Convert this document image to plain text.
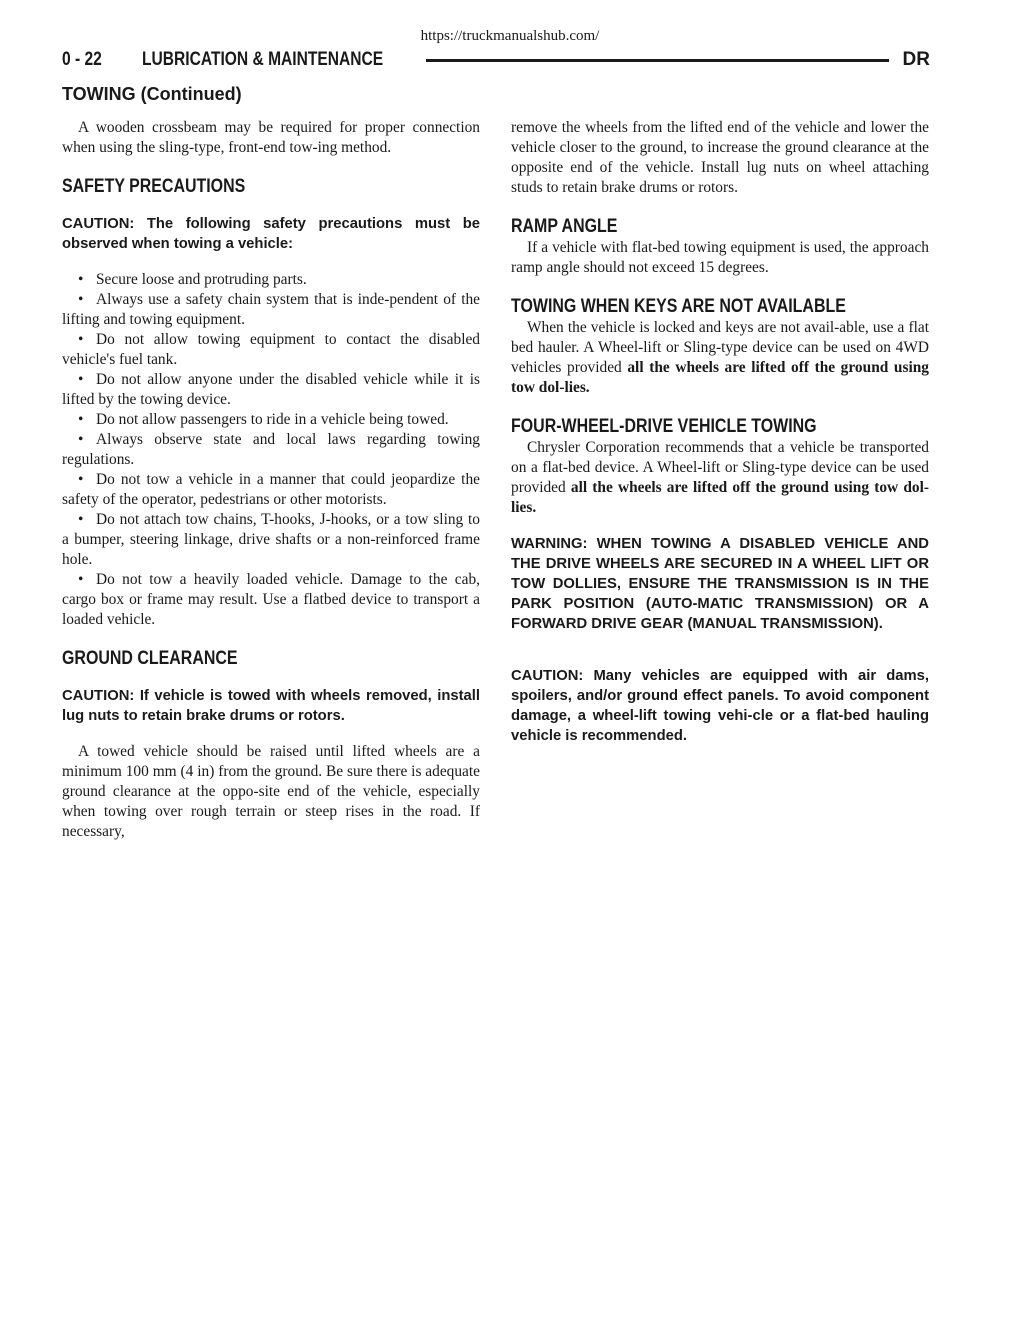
https://truckmanualshub.com/
0 - 22	LUBRICATION & MAINTENANCE	DR
TOWING (Continued)

A wooden crossbeam may be required for proper connection when using the sling-type, front-end tow-ing method.

SAFETY PRECAUTIONS
CAUTION: The following safety precautions must be observed when towing a vehicle:

• Secure loose and protruding parts.

• Always use a safety chain system that is inde-pendent of the lifting and towing equipment.

• Do not allow towing equipment to contact the disabled vehicle's fuel tank.

• Do not allow anyone under the disabled vehicle while it is lifted by the towing device.

• Do not allow passengers to ride in a vehicle being towed.

• Always observe state and local laws regarding towing regulations.

• Do not tow a vehicle in a manner that could jeopardize the safety of the operator, pedestrians or other motorists.

• Do not attach tow chains, T-hooks, J-hooks, or a tow sling to a bumper, steering linkage, drive shafts or a non-reinforced frame hole.

• Do not tow a heavily loaded vehicle. Damage to the cab, cargo box or frame may result. Use a flatbed device to transport a loaded vehicle.

GROUND CLEARANCE
CAUTION: If vehicle is towed with wheels removed, install lug nuts to retain brake drums or rotors.

A towed vehicle should be raised until lifted wheels are a minimum 100 mm (4 in) from the ground. Be sure there is adequate ground clearance at the oppo-site end of the vehicle, especially when towing over rough terrain or steep rises in the road. If necessary,

remove the wheels from the lifted end of the vehicle and lower the vehicle closer to the ground, to increase the ground clearance at the opposite end of the vehicle. Install lug nuts on wheel attaching studs to retain brake drums or rotors.

RAMP ANGLE

If a vehicle with flat-bed towing equipment is used, the approach ramp angle should not exceed 15 degrees.

TOWING WHEN KEYS ARE NOT AVAILABLE

When the vehicle is locked and keys are not avail-able, use a flat bed hauler. A Wheel-lift or Sling-type device can be used on 4WD vehicles provided all the wheels are lifted off the ground using tow dol-lies.

FOUR-WHEEL-DRIVE VEHICLE TOWING

Chrysler Corporation recommends that a vehicle be transported on a flat-bed device. A Wheel-lift or Sling-type device can be used provided all the wheels are lifted off the ground using tow dol-lies.

WARNING: WHEN TOWING A DISABLED VEHICLE AND THE DRIVE WHEELS ARE SECURED IN A WHEEL LIFT OR TOW DOLLIES, ENSURE THE TRANSMISSION IS IN THE PARK POSITION (AUTO-MATIC TRANSMISSION) OR A FORWARD DRIVE GEAR (MANUAL TRANSMISSION).
CAUTION: Many vehicles are equipped with air dams, spoilers, and/or ground effect panels. To avoid component damage, a wheel-lift towing vehi-cle or a flat-bed hauling vehicle is recommended.
